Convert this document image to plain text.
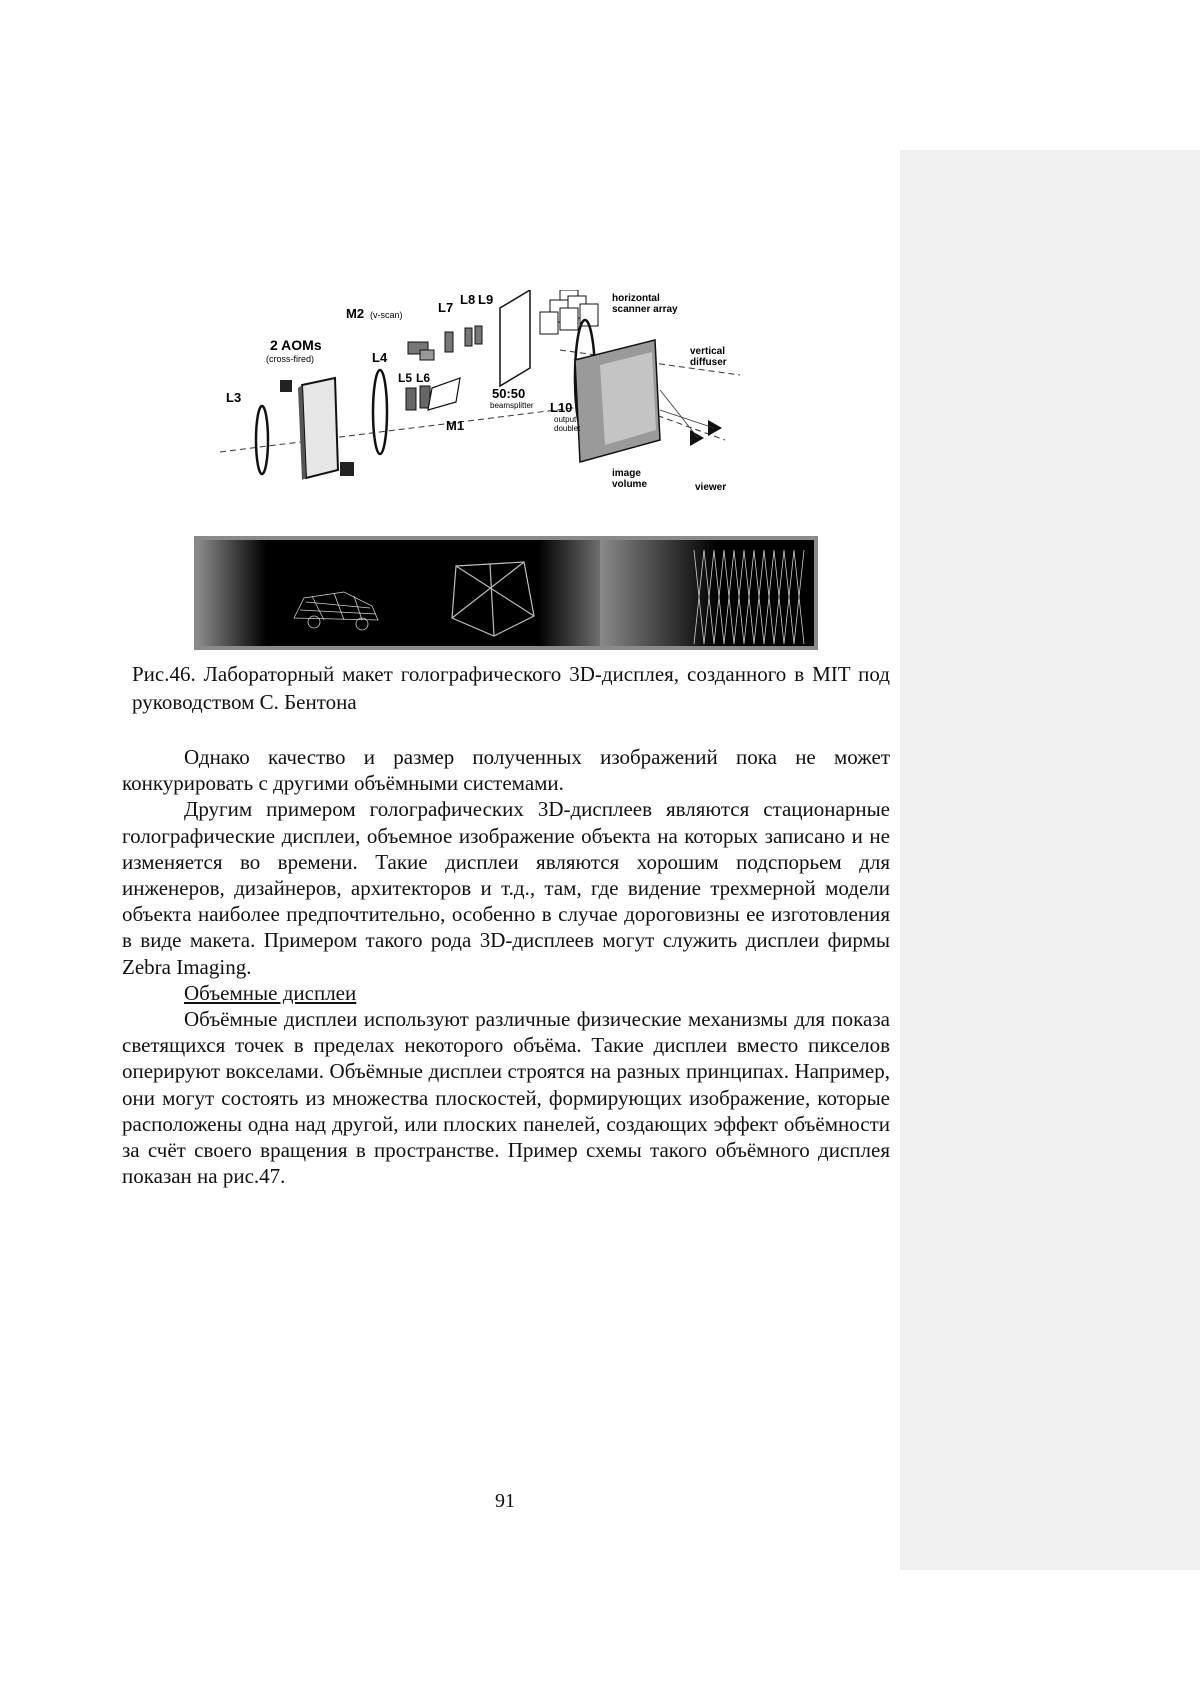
M2 (v-scan)	L7
L8 L9
2 AOMs
(cross-fired)
L3
L4
L5 L6
M1
50:50
beamsplitter L10
output
doublet
horizontal
scanner array
vertical
diffuser
image
volume	viewer
Рис.46. Лабораторный макет голографического 3D-дисплея, созданного в MIT под руководством С. Бентона

Однако качество и размер полученных изображений пока не может конкурировать с другими объёмными системами.

Другим примером голографических 3D-дисплеев являются стационарные голографические дисплеи, объемное изображение объекта на которых записано и не изменяется во времени. Такие дисплеи являются хорошим подспорьем для инженеров, дизайнеров, архитекторов и т.д., там, где видение трехмерной модели объекта наиболее предпочтительно, особенно в случае дороговизны ее изготовления в виде макета. Примером такого рода 3D-дисплеев могут служить дисплеи фирмы Zebra Imaging.

Объемные дисплеи

Объёмные дисплеи используют различные физические механизмы для показа светящихся точек в пределах некоторого объёма. Такие дисплеи вместо пикселов оперируют вокселами. Объёмные дисплеи строятся на разных принципах. Например, они могут состоять из множества плоскостей, формирующих изображение, которые расположены одна над другой, или плоских панелей, создающих эффект объёмности за счёт своего вращения в пространстве. Пример схемы такого объёмного дисплея показан на рис.47.

91
